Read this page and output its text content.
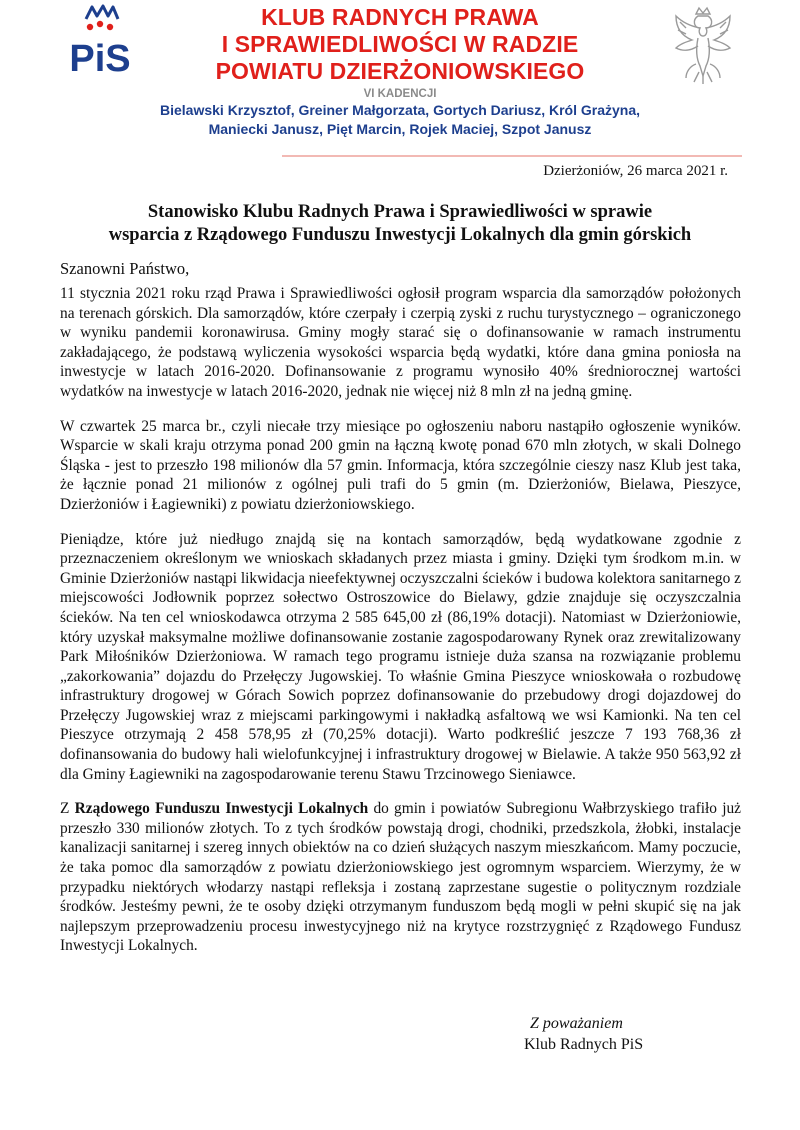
PiS
KLUB RADNYCH PRAWA
I SPRAWIEDLIWOŚCI W RADZIE
POWIATU DZIERŻONIOWSKIEGO
VI KADENCJI
Bielawski Krzysztof, Greiner Małgorzata, Gortych Dariusz, Król Grażyna,
Maniecki Janusz, Pięt Marcin, Rojek Maciej, Szpot Janusz
Dzierżoniów, 26 marca 2021 r.
Stanowisko Klubu Radnych Prawa i Sprawiedliwości w sprawie
wsparcia z Rządowego Funduszu Inwestycji Lokalnych dla gmin górskich
Szanowni Państwo,

11 stycznia 2021 roku rząd Prawa i Sprawiedliwości ogłosił program wsparcia dla samorządów położonych na terenach górskich. Dla samorządów, które czerpały i czerpią zyski z ruchu turystycznego – ograniczonego w wyniku pandemii koronawirusa. Gminy mogły starać się o dofinansowanie w ramach instrumentu zakładającego, że podstawą wyliczenia wysokości wsparcia będą wydatki, które dana gmina poniosła na inwestycje w latach 2016-2020. Dofinansowanie z programu wynosiło 40% średniorocznej wartości wydatków na inwestycje w latach 2016-2020, jednak nie więcej niż 8 mln zł na jedną gminę.

W czwartek 25 marca br., czyli niecałe trzy miesiące po ogłoszeniu naboru nastąpiło ogłoszenie wyników. Wsparcie w skali kraju otrzyma ponad 200 gmin na łączną kwotę ponad 670 mln złotych, w skali Dolnego Śląska - jest to przeszło 198 milionów dla 57 gmin. Informacja, która szczególnie cieszy nasz Klub jest taka, że łącznie ponad 21 milionów z ogólnej puli trafi do 5 gmin (m. Dzierżoniów, Bielawa, Pieszyce, Dzierżoniów i Łagiewniki) z powiatu dzierżoniowskiego.

Pieniądze, które już niedługo znajdą się na kontach samorządów, będą wydatkowane zgodnie z przeznaczeniem określonym we wnioskach składanych przez miasta i gminy. Dzięki tym środkom m.in. w Gminie Dzierżoniów nastąpi likwidacja nieefektywnej oczyszczalni ścieków i budowa kolektora sanitarnego z miejscowości Jodłownik poprzez sołectwo Ostroszowice do Bielawy, gdzie znajduje się oczyszczalnia ścieków. Na ten cel wnioskodawca otrzyma 2 585 645,00 zł (86,19% dotacji). Natomiast w Dzierżoniowie, który uzyskał maksymalne możliwe dofinansowanie zostanie zagospodarowany Rynek oraz zrewitalizowany Park Miłośników Dzierżoniowa. W ramach tego programu istnieje duża szansa na rozwiązanie problemu „zakorkowania” dojazdu do Przełęczy Jugowskiej. To właśnie Gmina Pieszyce wnioskowała o rozbudowę infrastruktury drogowej w Górach Sowich poprzez dofinansowanie do przebudowy drogi dojazdowej do Przełęczy Jugowskiej wraz z miejscami parkingowymi i nakładką asfaltową we wsi Kamionki. Na ten cel Pieszyce otrzymają 2 458 578,95 zł (70,25% dotacji). Warto podkreślić jeszcze 7 193 768,36 zł dofinansowania do budowy hali wielofunkcyjnej i infrastruktury drogowej w Bielawie. A także 950 563,92 zł dla Gminy Łagiewniki na zagospodarowanie terenu Stawu Trzcinowego Sieniawce.

Z Rządowego Funduszu Inwestycji Lokalnych do gmin i powiatów Subregionu Wałbrzyskiego trafiło już przeszło 330 milionów złotych. To z tych środków powstają drogi, chodniki, przedszkola, żłobki, instalacje kanalizacji sanitarnej i szereg innych obiektów na co dzień służących naszym mieszkańcom. Mamy poczucie, że taka pomoc dla samorządów z powiatu dzierżoniowskiego jest ogromnym wsparciem. Wierzymy, że w przypadku niektórych włodarzy nastąpi refleksja i zostaną zaprzestane sugestie o politycznym rozdziale środków. Jesteśmy pewni, że te osoby dzięki otrzymanym funduszom będą mogli w pełni skupić się na jak najlepszym przeprowadzeniu procesu inwestycyjnego niż na krytyce rozstrzygnięć z Rządowego Fundusz Inwestycji Lokalnych.

Z poważaniem
Klub Radnych PiS
